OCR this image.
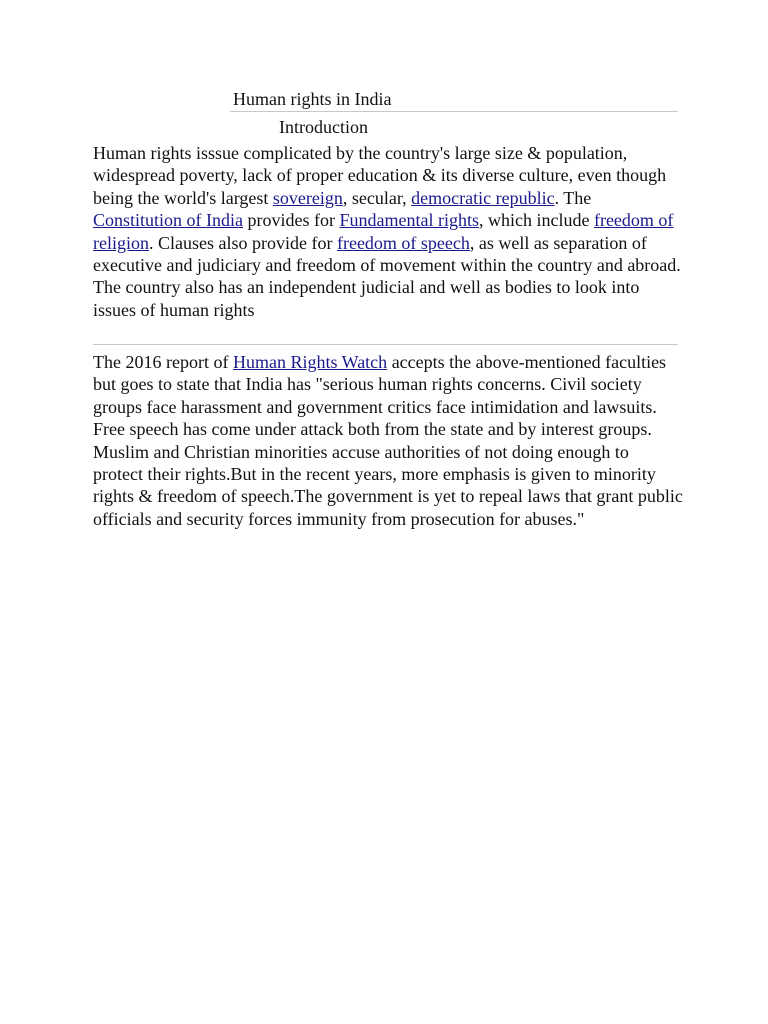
Human rights in India
Introduction

Human rights isssue complicated by the country's large size & population, widespread poverty, lack of proper education & its diverse culture, even though being the world's largest sovereign, secular, democratic republic. The Constitution of India provides for Fundamental rights, which include freedom of religion. Clauses also provide for freedom of speech, as well as separation of executive and judiciary and freedom of movement within the country and abroad. The country also has an independent judicial and well as bodies to look into issues of human rights

The 2016 report of Human Rights Watch accepts the above-mentioned faculties but goes to state that India has "serious human rights concerns. Civil society groups face harassment and government critics face intimidation and lawsuits. Free speech has come under attack both from the state and by interest groups. Muslim and Christian minorities accuse authorities of not doing enough to protect their rights.But in the recent years, more emphasis is given to minority rights & freedom of speech.The government is yet to repeal laws that grant public officials and security forces immunity from prosecution for abuses."
